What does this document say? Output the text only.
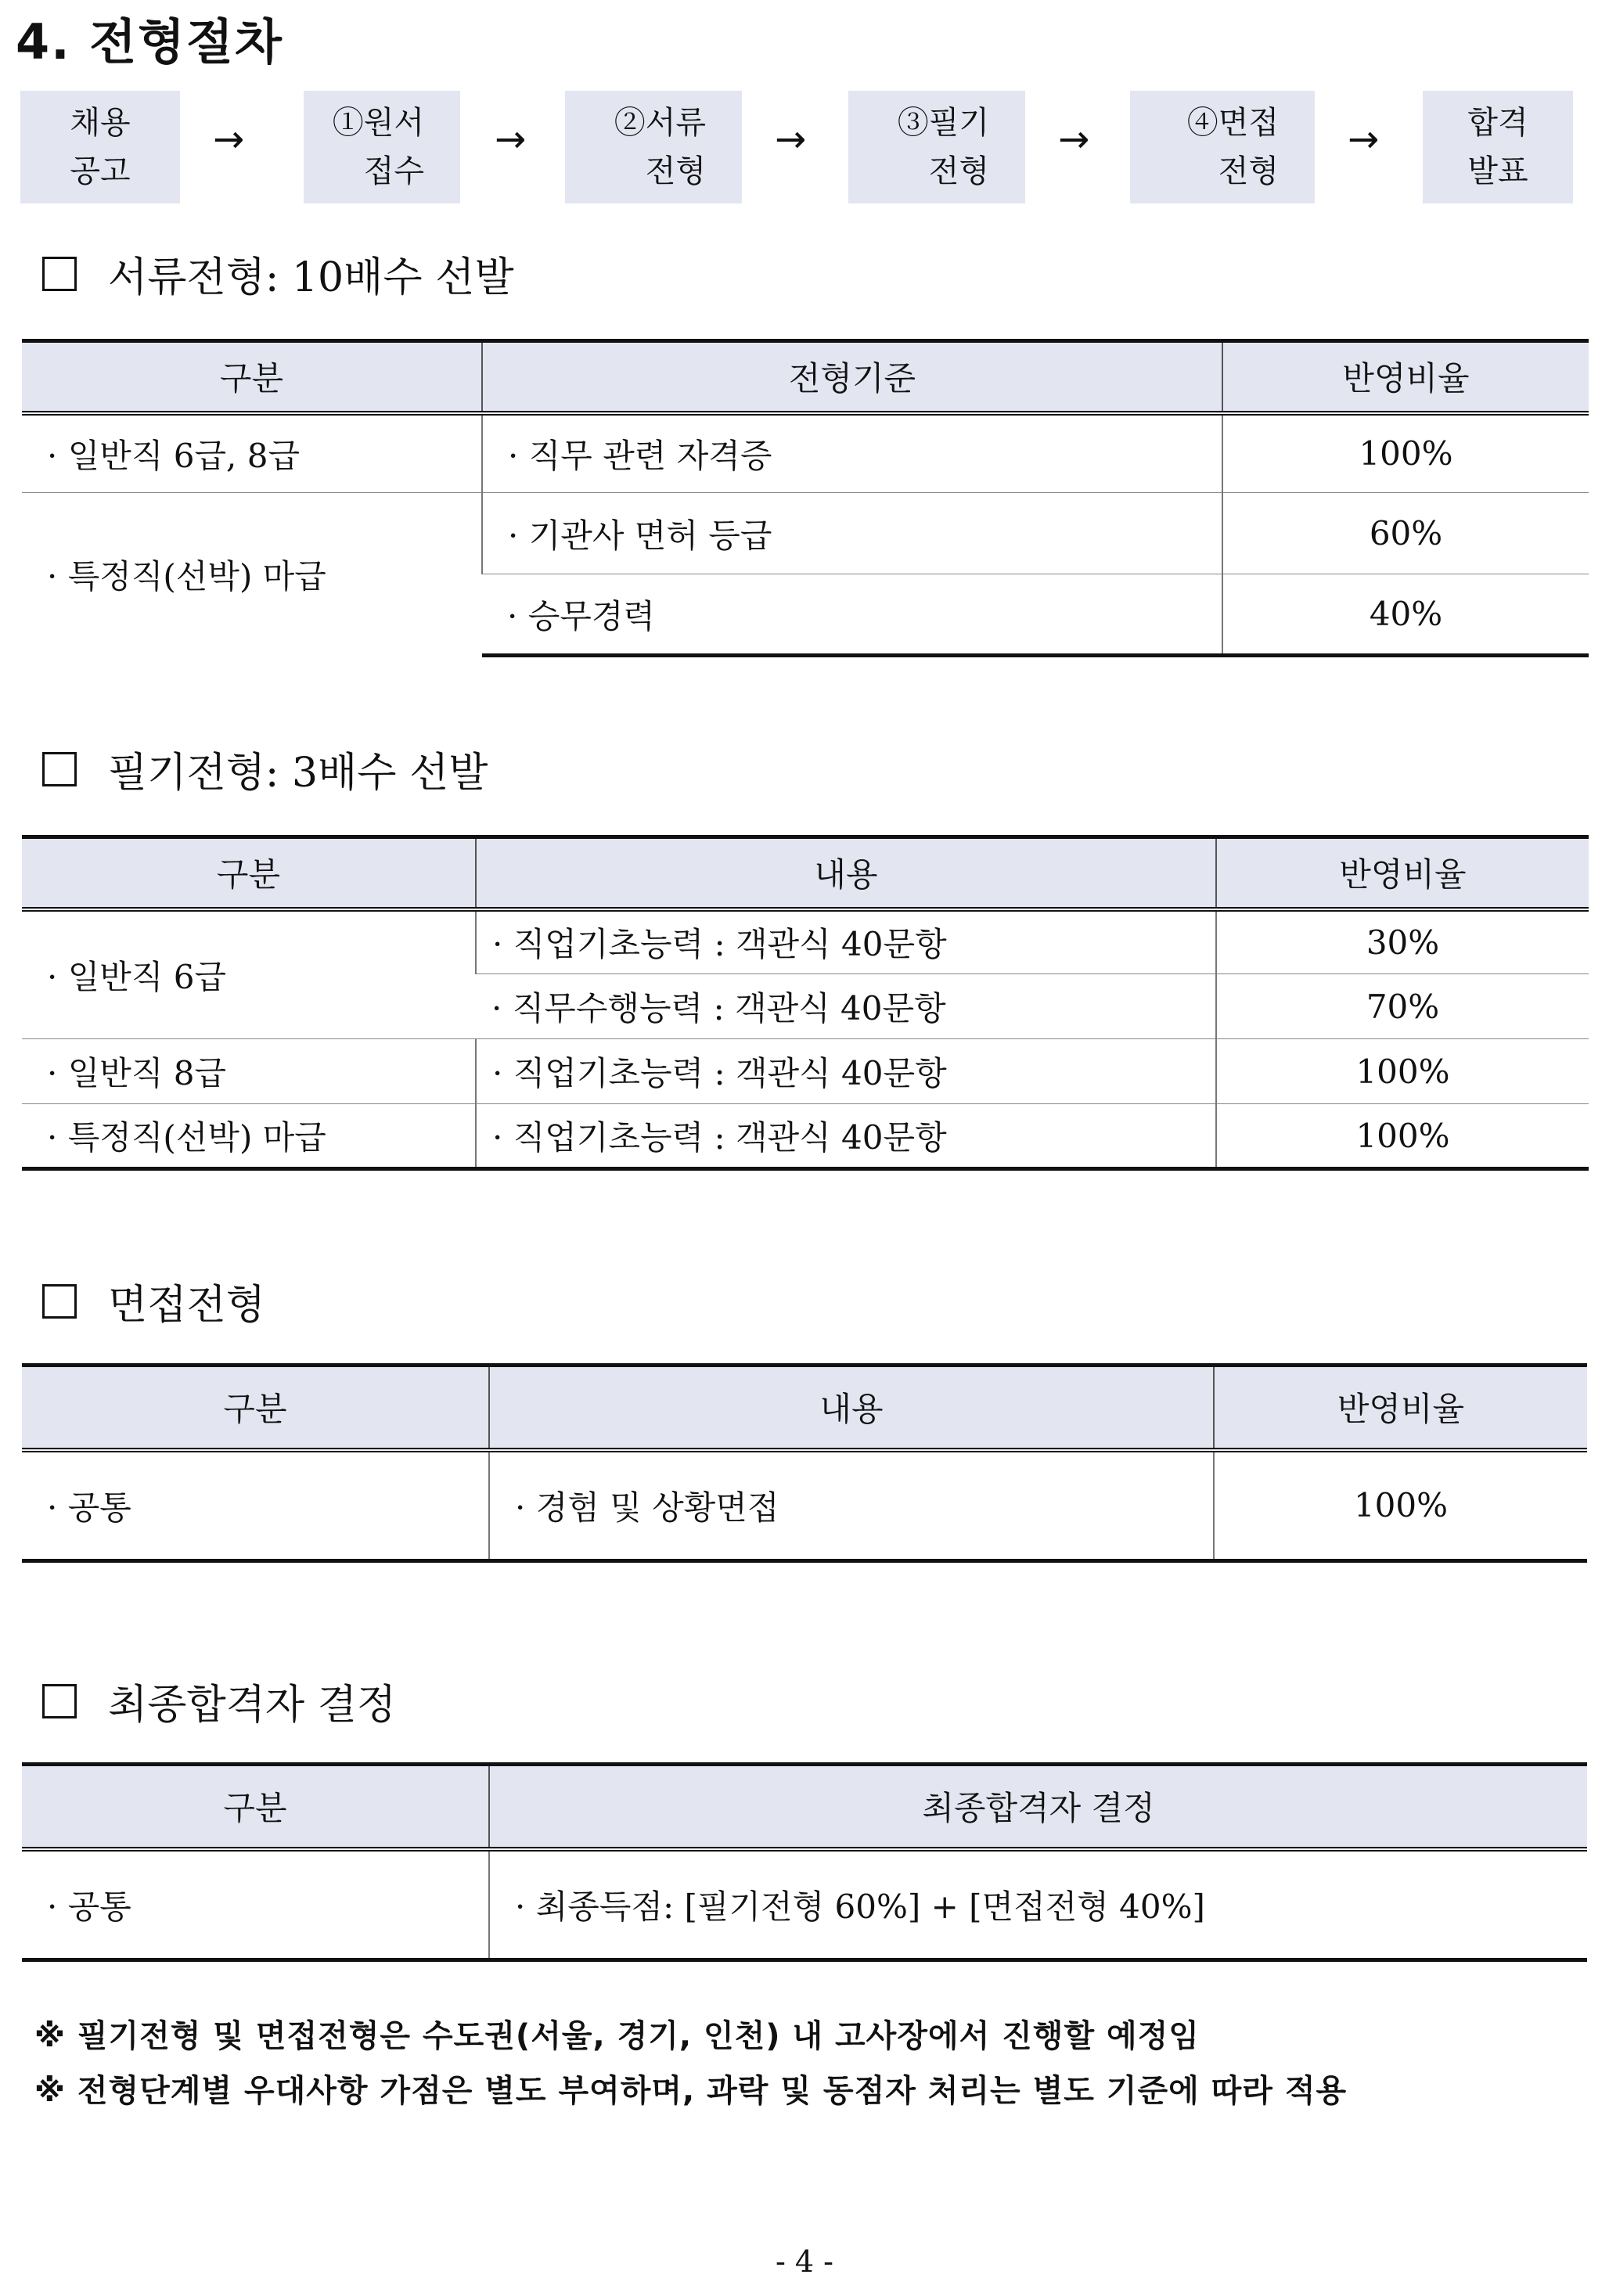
4. 전형절차
채용
공고
→	①원서
접수
→	②서류
전형
→	③필기
전형
→	④면접
전형
→	합격
발표
서류전형: 10배수 선발
구분	전형기준	반영비율
· 일반직 6급, 8급	· 직무 관련 자격증	100%
· 특정직(선박) 마급	· 기관사 면허 등급	60%
	· 승무경력	40%
필기전형: 3배수 선발
구분	내용	반영비율
· 일반직 6급	· 직업기초능력 : 객관식 40문항	30%
	· 직무수행능력 : 객관식 40문항	70%
· 일반직 8급	· 직업기초능력 : 객관식 40문항	100%
· 특정직(선박) 마급	· 직업기초능력 : 객관식 40문항	100%
면접전형
구분	내용	반영비율
· 공통	· 경험 및 상황면접	100%
최종합격자 결정
구분	최종합격자 결정
· 공통	· 최종득점: [필기전형 60%] + [면접전형 40%]
※ 필기전형 및 면접전형은 수도권(서울, 경기, 인천) 내 고사장에서 진행할 예정임
※ 전형단계별 우대사항 가점은 별도 부여하며, 과락 및 동점자 처리는 별도 기준에 따라 적용
- 4 -
